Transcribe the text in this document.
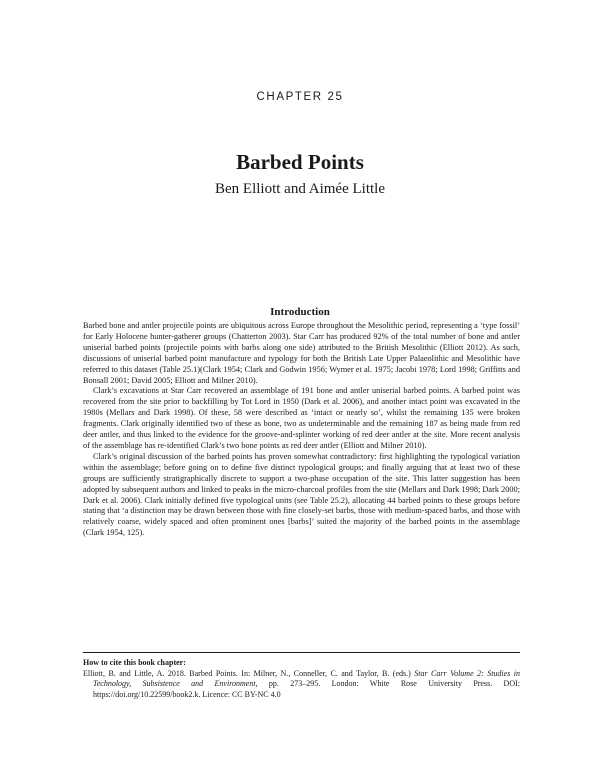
CHAPTER 25
Barbed Points
Ben Elliott and Aimée Little
Introduction

Barbed bone and antler projectile points are ubiquitous across Europe throughout the Mesolithic period, representing a ‘type fossil’ for Early Holocene hunter-gatherer groups (Chatterton 2003). Star Carr has produced 92% of the total number of bone and antler uniserial barbed points (projectile points with barbs along one side) attributed to the British Mesolithic (Elliott 2012). As such, discussions of uniserial barbed point manufacture and typology for both the British Late Upper Palaeolithic and Mesolithic have referred to this dataset (Table 25.1)(Clark 1954; Clark and Godwin 1956; Wymer et al. 1975; Jacobi 1978; Lord 1998; Griffitts and Bonsall 2001; David 2005; Elliott and Milner 2010).

Clark’s excavations at Star Carr recovered an assemblage of 191 bone and antler uniserial barbed points. A barbed point was recovered from the site prior to backfilling by Tot Lord in 1950 (Dark et al. 2006), and another intact point was excavated in the 1980s (Mellars and Dark 1998). Of these, 58 were described as ‘intact or nearly so’, whilst the remaining 135 were broken fragments. Clark originally identified two of these as bone, two as undeterminable and the remaining 187 as being made from red deer antler, and thus linked to the evidence for the groove-and-splinter working of red deer antler at the site. More recent analysis of the assemblage has re-identified Clark’s two bone points as red deer antler (Elliott and Milner 2010).

Clark’s original discussion of the barbed points has proven somewhat contradictory: first highlighting the typological variation within the assemblage; before going on to define five distinct typological groups; and finally arguing that at least two of these groups are sufficiently stratigraphically discrete to support a two-phase occupation of the site. This latter suggestion has been adopted by subsequent authors and linked to peaks in the micro-charcoal profiles from the site (Mellars and Dark 1998; Dark 2000; Dark et al. 2006). Clark initially defined five typological units (see Table 25.2), allocating 44 barbed points to these groups before stating that ‘a distinction may be drawn between those with fine closely-set barbs, those with medium-spaced barbs, and those with relatively coarse, widely spaced and often prominent ones [barbs]’ suited the majority of the barbed points in the assemblage (Clark 1954, 125).

How to cite this book chapter:
Elliott, B. and Little, A. 2018. Barbed Points. In: Milner, N., Conneller, C. and Taylor, B. (eds.) Star Carr Volume 2: Studies in Technology, Subsistence and Environment, pp. 273–295. London: White Rose University Press. DOI: https://doi.org/10.22599/book2.k. Licence: CC BY-NC 4.0
